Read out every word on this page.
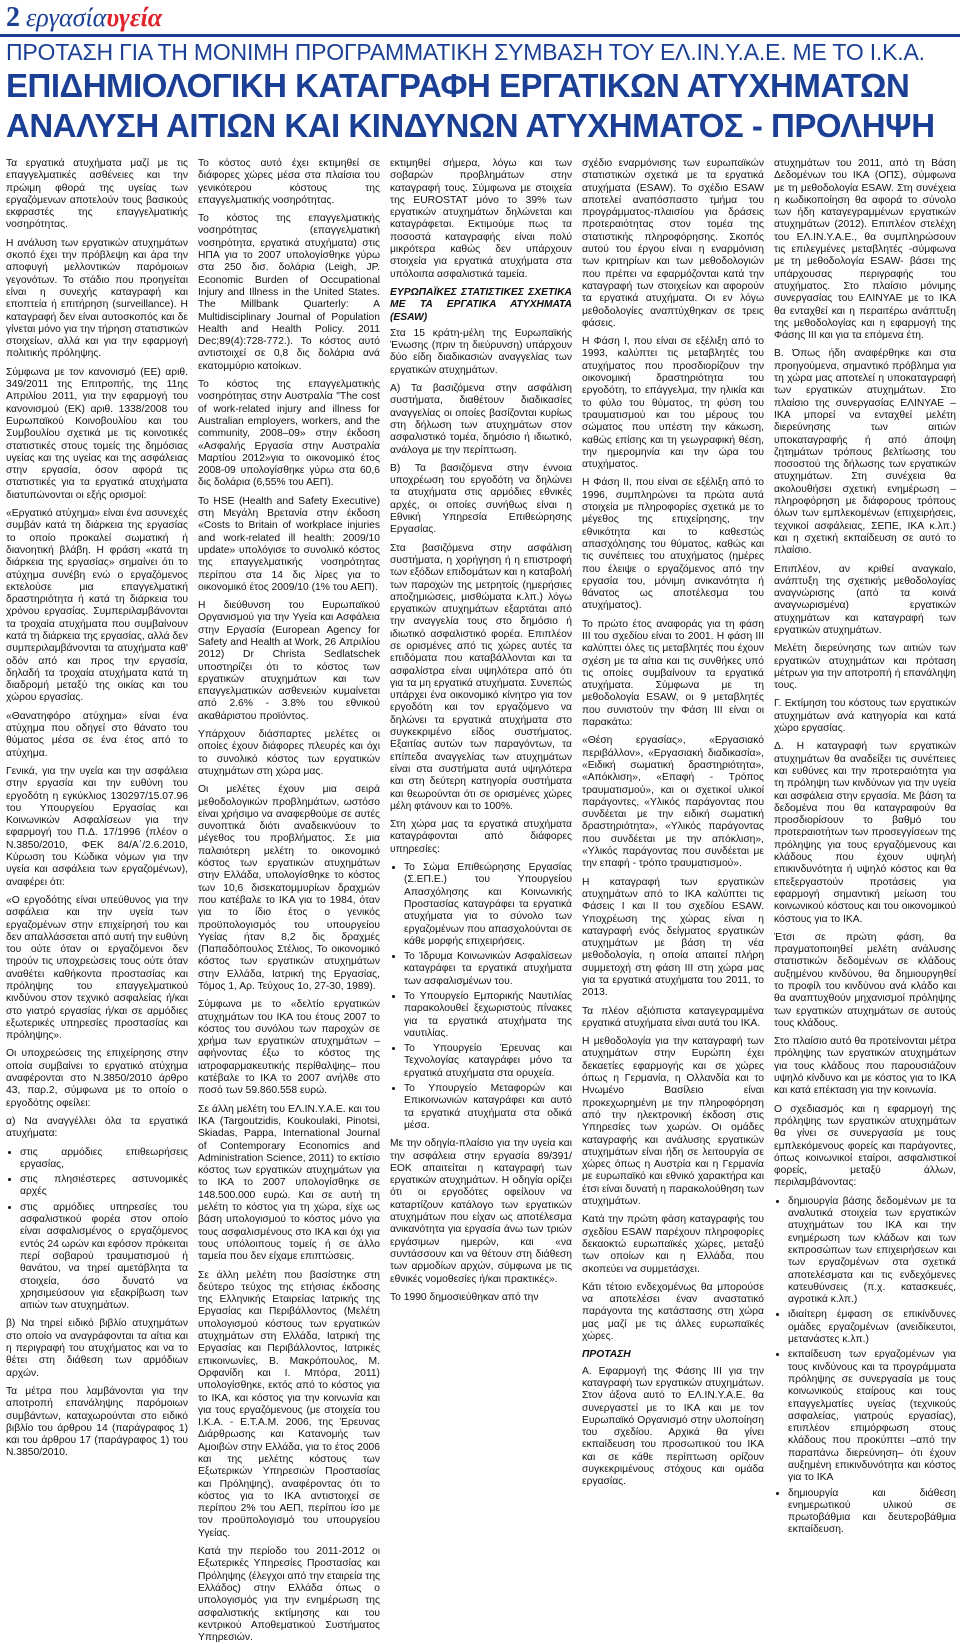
2 εργασίαυγεία
ΠΡΟΤΑΣΗ ΓΙΑ ΤΗ ΜΟΝΙΜΗ ΠΡΟΓΡΑΜΜΑΤΙΚΗ ΣΥΜΒΑΣΗ ΤΟΥ ΕΛ.ΙΝ.Υ.Α.Ε. ΜΕ ΤΟ Ι.Κ.Α.
ΕΠΙΔΗΜΙΟΛΟΓΙΚΗ ΚΑΤΑΓΡΑΦΗ ΕΡΓΑΤΙΚΩΝ ΑΤΥΧΗΜΑΤΩΝ
ΑΝΑΛΥΣΗ ΑΙΤΙΩΝ ΚΑΙ ΚΙΝΔΥΝΩΝ ΑΤΥΧΗΜΑΤΟΣ - ΠΡΟΛΗΨΗ

Τα εργατικά ατυχήματα μαζί με τις επαγγελματικές ασθένειες και την πρώιμη φθορά της υγείας των εργαζόμενων αποτελούν τους βασικούς εκφραστές της επαγγελματικής νοσηρότητας.

Η ανάλυση των εργατικών ατυχημάτων σκοπό έχει την πρόβλεψη και άρα την αποφυγή μελλοντικών παρόμοιων γεγονότων. Το στάδιο που προηγείται είναι η συνεχής καταγραφή και εποπτεία ή επιτήρηση (surveillance). Η καταγραφή δεν είναι αυτοσκοπός και δε γίνεται μόνο για την τήρηση στατιστικών στοιχείων, αλλά και για την εφαρμογή πολιτικής πρόληψης.

Σύμφωνα με τον κανονισμό (ΕΕ) αριθ. 349/2011 της Επιτροπής, της 11ης Απριλίου 2011, για την εφαρμογή του κανονισμού (ΕΚ) αριθ. 1338/2008 του Ευρωπαϊκού Κοινοβουλίου και του Συμβουλίου σχετικά με τις κοινοτικές στατιστικές στους τομείς της δημόσιας υγείας και της υγείας και της ασφάλειας στην εργασία, όσον αφορά τις στατιστικές για τα εργατικά ατυχήματα διατυπώνονται οι εξής ορισμοί:

«Εργατικό ατύχημα» είναι ένα ασυνεχές συμβάν κατά τη διάρκεια της εργασίας το οποίο προκαλεί σωματική ή διανοητική βλάβη. Η φράση «κατά τη διάρκεια της εργασίας» σημαίνει ότι το ατύχημα συνέβη ενώ ο εργαζόμενος εκτελούσε μια επαγγελματική δραστηριότητα ή κατά τη διάρκεια του χρόνου εργασίας. Συμπεριλαμβάνονται τα τροχαία ατυχήματα που συμβαίνουν κατά τη διάρκεια της εργασίας, αλλά δεν συμπεριλαμβάνονται τα ατυχήματα καθ' οδόν από και προς την εργασία, δηλαδή τα τροχαία ατυχήματα κατά τη διαδρομή μεταξύ της οικίας και του χώρου εργασίας.

«Θανατηφόρο ατύχημα» είναι ένα ατύχημα που οδηγεί στο θάνατο του θύματος μέσα σε ένα έτος από το ατύχημα.

Γενικά, για την υγεία και την ασφάλεια στην εργασία και την ευθύνη του εργοδότη η εγκύκλιος 130297/15.07.96 του Υπουργείου Εργασίας και Κοινωνικών Ασφαλίσεων για την εφαρμογή του Π.Δ. 17/1996 (πλέον ο Ν.3850/2010, ΦΕΚ 84/Α΄/2.6.2010, Κύρωση του Κώδικα νόμων για την υγεία και ασφάλεια των εργαζομένων), αναφέρει ότι:

«Ο εργοδότης είναι υπεύθυνος για την ασφάλεια και την υγεία των εργαζομένων στην επιχείρησή του και δεν απαλλάσσεται από αυτή την ευθύνη του ούτε όταν οι εργαζόμενοι δεν τηρούν τις υποχρεώσεις τους ούτε όταν αναθέτει καθήκοντα προστασίας και πρόληψης του επαγγελματικού κινδύνου στον τεχνικό ασφαλείας ή/και στο γιατρό εργασίας ή/και σε αρμόδιες εξωτερικές υπηρεσίες προστασίας και πρόληψης».

Οι υποχρεώσεις της επιχείρησης στην οποία συμβαίνει το εργατικό ατύχημα αναφέρονται στο Ν.3850/2010 άρθρο 43, παρ.2, σύμφωνα με το οποίο ο εργοδότης οφείλει:

α) Να αναγγέλλει όλα τα εργατικά ατυχήματα:

• στις αρμόδιες επιθεωρήσεις εργασίας,
• στις πλησιέστερες αστυνομικές αρχές
• στις αρμόδιες υπηρεσίες του ασφαλιστικού φορέα στον οποίο είναι ασφαλισμένος ο εργαζόμενος εντός 24 ωρών και εφόσον πρόκειται περί σοβαρού τραυματισμού ή θανάτου, να τηρεί αμετάβλητα τα στοιχεία, όσο δυνατό να χρησιμεύσουν για εξακρίβωση των αιτιών των ατυχημάτων.

β) Να τηρεί ειδικό βιβλίο ατυχημάτων στο οποίο να αναγράφονται τα αίτια και η περιγραφή του ατυχήματος και να το θέτει στη διάθεση των αρμόδιων αρχών.

Τα μέτρα που λαμβάνονται για την αποτροπή επανάληψης παρόμοιων συμβάντων, καταχωρούνται στο ειδικό βιβλίο του άρθρου 14 (παράγραφος 1) και του άρθρου 17 (παράγραφος 1) του Ν.3850/2010.

Το κόστος αυτό έχει εκτιμηθεί σε διάφορες χώρες μέσα στα πλαίσια του γενικότερου κόστους της επαγγελματικής νοσηρότητας.

Το κόστος της επαγγελματικής νοσηρότητας (επαγγελματική νοσηρότητα, εργατικά ατυχήματα) στις ΗΠΑ για το 2007 υπολογίσθηκε γύρω στα 250 δισ. δολάρια (Leigh, JP. Economic Burden of Occupational Injury and Illness in the United States. The Millbank Quarterly: A Multidisciplinary Journal of Population Health and Health Policy. 2011 Dec;89(4):728-772.). Το κόστος αυτό αντιστοιχεί σε 0,8 δις δολάρια ανά εκατομμύριο κατοίκων.

Το κόστος της επαγγελματικής νοσηρότητας στην Αυστραλία "The cost of work-related injury and illness for Australian employers, workers, and the community, 2008–09» στην έκδοση «Ασφαλής Εργασία στην Αυστραλία Μαρτίου 2012»για το οικονομικό έτος 2008-09 υπολογίσθηκε γύρω στα 60,6 δις δολάρια (6,55% του ΑΕΠ).

Το HSE (Health and Safety Executive) στη Μεγάλη Βρετανία στην έκδοση «Costs to Britain of workplace injuries and work-related ill health: 2009/10 update» υπολόγισε το συνολικό κόστος της επαγγελματικής νοσηρότητας περίπου στα 14 δις λίρες για το οικονομικό έτος 2009/10 (1% του ΑΕΠ).

Η διεύθυνση του Ευρωπαϊκού Οργανισμού για την Υγεία και Ασφάλεια στην Εργασία (European Agency for Safety and Health at Work, 26 Απριλίου 2012) Dr Christa Sedlatschek υποστηρίζει ότι το κόστος των εργατικών ατυχημάτων και των επαγγελματικών ασθενειών κυμαίνεται από 2.6% - 3.8% του εθνικού ακαθάριστου προϊόντος.

Υπάρχουν διάσπαρτες μελέτες οι οποίες έχουν διάφορες πλευρές και όχι το συνολικό κόστος των εργατικών ατυχημάτων στη χώρα μας.

Οι μελέτες έχουν μια σειρά μεθοδολογικών προβλημάτων, ωστόσο είναι χρήσιμο να αναφερθούμε σε αυτές συνοπτικά διότι αναδεικνύουν το μέγεθος του προβλήματος. Σε μια παλαιότερη μελέτη το οικονομικό κόστος των εργατικών ατυχημάτων στην Ελλάδα, υπολογίσθηκε το κόστος των 10,6 δισεκατομμυρίων δραχμών που κατέβαλε το ΙΚΑ για το 1984, όταν για το ίδιο έτος ο γενικός προϋπολογισμός του υπουργείου Υγείας ήταν 8,2 δις δραχμές (Παπαδόπουλος Στέλιος, Το οικονομικό κόστος των εργατικών ατυχημάτων στην Ελλάδα, Ιατρική της Εργασίας, Τόμος 1, Αρ. Τεύχους 1ο, 27-30, 1989).

Σύμφωνα με το «δελτίο εργατικών ατυχημάτων του ΙΚΑ του έτους 2007 το κόστος του συνόλου των παροχών σε χρήμα των εργατικών ατυχημάτων –αφήνοντας έξω το κόστος της ιατροφαρμακευτικής περίθαλψης– που κατέβαλε το ΙΚΑ το 2007 ανήλθε στο ποσό των 59.860.558 ευρώ.

Σε άλλη μελέτη του ΕΛ.ΙΝ.Υ.Α.Ε. και του ΙΚΑ (Targoutzidis, Koukoulaki, Pinotsi, Skiadas, Pappa, International Journal of Contemporary Economics and Administration Science, 2011) το εκτίσιο κόστος των εργατικών ατυχημάτων για το ΙΚΑ το 2007 υπολογίσθηκε σε 148.500.000 ευρώ. Και σε αυτή τη μελέτη το κόστος για τη χώρα, είχε ως βάση υπολογισμού το κόστος μόνο για τους ασφαλισμένους στο ΙΚΑ και όχι για τους υπόλοιπους τομείς ή σε άλλο ταμεία που δεν είχαμε επιπτώσεις.

Σε άλλη μελέτη που βασίστηκε στη δεύτερο τεύχος της ετήσιας έκδοσης της Ελληνικής Εταιρείας Ιατρικής της Εργασίας και Περιβάλλοντος (Μελέτη υπολογισμού κόστους των εργατικών ατυχημάτων στη Ελλάδα, Ιατρική της Εργασίας και Περιβάλλοντος, Ιατρικές επικοινωνίες, Β. Μακρόπουλος, Μ. Ορφανίδη και Ι. Μπόρα, 2011) υπολογίσθηκε, εκτός από το κόστος για το ΙΚΑ, και κόστος για την κοινωνία και για τους εργαζόμενους (με στοιχεία του Ι.Κ.Α. - Ε.Τ.Α.Μ. 2006, της Έρευνας Διάρθρωσης και Κατανομής των Αμοιβών στην Ελλάδα, για το έτος 2006 και της μελέτης κόστους των Εξωτερικών Υπηρεσιών Προστασίας και Πρόληψης), αναφέροντας ότι το κόστος για το ΙΚΑ αντιστοιχεί σε περίπου 2% του ΑΕΠ, περίπου ίσο με τον προϋπολογισμό του υπουργείου Υγείας.

Κατά την περίοδο του 2011-2012 οι Εξωτερικές Υπηρεσίες Προστασίας και Πρόληψης (έλεγχοι από την εταιρεία της Ελλάδος) στην Ελλάδα όπως ο υπολογισμός για την ενημέρωση της ασφαλιστικής εκτίμησης και του κεντρικού Αποθεματικού Συστήματος Υπηρεσιών.

εκτιμηθεί σήμερα, λόγω και των σοβαρών προβλημάτων στην καταγραφή τους. Σύμφωνα με στοιχεία της EUROSTAT μόνο το 39% των εργατικών ατυχημάτων δηλώνεται και καταγράφεται. Εκτιμούμε πως τα ποσοστά καταγραφής είναι πολύ μικρότερα καθώς δεν υπάρχουν στοιχεία για εργατικά ατυχήματα στα υπόλοιπα ασφαλιστικά ταμεία.

ΕΥΡΩΠΑΪΚΕΣ ΣΤΑΤΙΣΤΙΚΕΣ ΣΧΕΤΙΚΑ ΜΕ ΤΑ ΕΡΓΑΤΙΚΑ ΑΤΥΧΗΜΑΤΑ (ESAW)

Στα 15 κράτη-μέλη της Ευρωπαϊκής Ένωσης (πριν τη διεύρυνση) υπάρχουν δύο είδη διαδικασιών αναγγελίας των εργατικών ατυχημάτων.

Α) Τα βασιζόμενα στην ασφάλιση συστήματα, διαθέτουν διαδικασίες αναγγελίας οι οποίες βασίζονται κυρίως στη δήλωση των ατυχημάτων στον ασφαλιστικό τομέα, δημόσιο ή ιδιωτικό, ανάλογα με την περίπτωση.

Β) Τα βασιζόμενα στην έννοια υποχρέωση του εργοδότη να δηλώνει τα ατυχήματα στις αρμόδιες εθνικές αρχές, οι οποίες συνήθως είναι η Εθνική Υπηρεσία Επιθεώρησης Εργασίας.

Στα βασιζόμενα στην ασφάλιση συστήματα, η χορήγηση ή η επιστροφή των εξόδων επιδομάτων και η καταβολή των παροχών της μετρητοίς (ημερήσιες αποζημιώσεις, μισθώματα κ.λπ.) λόγω εργατικών ατυχημάτων εξαρτάται από την αναγγελία τους στο δημόσιο ή ιδιωτικό ασφαλιστικό φορέα. Επιπλέον σε ορισμένες από τις χώρες αυτές τα επιδόματα που καταβάλλονται και τα ασφαλίστρα είναι υψηλότερα από ότι για τα μη εργατικά ατυχήματα. Συνεπώς υπάρχει ένα οικονομικό κίνητρο για τον εργοδότη και τον εργαζόμενο να δηλώνει τα εργατικά ατυχήματα στο συγκεκριμένο είδος συστήματος. Εξαιτίας αυτών των παραγόντων, τα επίπεδα αναγγελίας των ατυχημάτων είναι στα συστήματα αυτά υψηλότερα και στη δεύτερη κατηγορία συστήματα και θεωρούνται ότι σε ορισμένες χώρες μέλη φτάνουν και το 100%.

Στη χώρα μας τα εργατικά ατυχήματα καταγράφονται από διάφορες υπηρεσίες:

• Το Σώμα Επιθεώρησης Εργασίας (Σ.ΕΠ.Ε.) του Υπουργείου Απασχόλησης και Κοινωνικής Προστασίας καταγράφει τα εργατικά ατυχήματα για το σύνολο των εργαζομένων που απασχολούνται σε κάθε μορφής επιχειρήσεις.
• Το Ίδρυμα Κοινωνικών Ασφαλίσεων καταγράφει τα εργατικά ατυχήματα των ασφαλισμένων του.
• Το Υπουργείο Εμπορικής Ναυτιλίας παρακολουθεί ξεχωριστούς πίνακες για τα εργατικά ατυχήματα της ναυτιλίας.
• Το Υπουργείο Έρευνας και Τεχνολογίας καταγράφει μόνο τα εργατικά ατυχήματα στα ορυχεία.
• Το Υπουργείο Μεταφορών και Επικοινωνιών καταγράφει και αυτό τα εργατικά ατυχήματα στα οδικά μέσα.

Με την οδηγία-πλαίσιο για την υγεία και την ασφάλεια στην εργασία 89/391/ΕΟΚ απαιτείται η καταγραφή των εργατικών ατυχημάτων. Η οδηγία ορίζει ότι οι εργοδότες οφείλουν να καταρτίζουν κατάλογο των εργατικών ατυχημάτων που είχαν ως αποτέλεσμα ανικανότητα για εργασία άνω των τριών εργάσιμων ημερών, και «να συντάσσουν και να θέτουν στη διάθεση των αρμοδίων αρχών, σύμφωνα με τις εθνικές νομοθεσίες ή/και πρακτικές».

Το 1990 δημοσιεύθηκαν από την

σχέδιο εναρμόνισης των ευρωπαϊκών στατιστικών σχετικά με τα εργατικά ατυχήματα (ESAW). Το σχέδιο ESAW αποτελεί αναπόσπαστο τμήμα του προγράμματος-πλαισίου για δράσεις προτεραιότητας στον τομέα της στατιστικής πληροφόρησης. Σκοπός αυτού του έργου είναι η εναρμόνιση των κριτηρίων και των μεθοδολογιών που πρέπει να εφαρμόζονται κατά την καταγραφή των στοιχείων και αφορούν τα εργατικά ατυχήματα. Οι εν λόγω μεθοδολογίες αναπτύχθηκαν σε τρεις φάσεις.

Η Φάση Ι, που είναι σε εξέλιξη από το 1993, καλύπτει τις μεταβλητές του ατυχήματος που προσδιορίζουν την οικονομική δραστηριότητα του εργοδότη, το επάγγελμα, την ηλικία και το φύλο του θύματος, τη φύση του τραυματισμού και του μέρους του σώματος που υπέστη την κάκωση, καθώς επίσης και τη γεωγραφική θέση, την ημερομηνία και την ώρα του ατυχήματος.

Η Φάση ΙΙ, που είναι σε εξέλιξη από το 1996, συμπληρώνει τα πρώτα αυτά στοιχεία με πληροφορίες σχετικά με το μέγεθος της επιχείρησης, την εθνικότητα και το καθεστώς απασχόλησης του θύματος, καθώς και τις συνέπειες του ατυχήματος (ημέρες που έλειψε ο εργαζόμενος από την εργασία του, μόνιμη ανικανότητα ή θάνατος ως αποτέλεσμα του ατυχήματος).

Το πρώτο έτος αναφοράς για τη φάση ΙΙΙ του σχεδίου είναι το 2001. Η φάση ΙΙΙ καλύπτει όλες τις μεταβλητές που έχουν σχέση με τα αίτια και τις συνθήκες υπό τις οποίες συμβαίνουν τα εργατικά ατυχήματα. Σύμφωνα με τη μεθοδολογία ESAW, οι 9 μεταβλητές που συνιστούν την Φάση ΙΙΙ είναι οι παρακάτω:

«Θέση εργασίας», «Εργασιακό περιβάλλον», «Εργασιακή διαδικασία», «Ειδική σωματική δραστηριότητα», «Απόκλιση», «Επαφή - Τρόπος τραυματισμού», και οι σχετικοί υλικοί παράγοντες, «Υλικός παράγοντας που συνδέεται με την ειδική σωματική δραστηριότητα», «Υλικός παράγοντας που συνδέεται με την απόκλιση», «Υλικός παράγοντας που συνδέεται με την επαφή - τρόπο τραυματισμού».

Η καταγραφή των εργατικών ατυχημάτων από το ΙΚΑ καλύπτει τις Φάσεις Ι και ΙΙ του σχεδίου ESAW. Υποχρέωση της χώρας είναι η καταγραφή ενός δείγματος εργατικών ατυχημάτων με βάση τη νέα μεθοδολογία, η οποία απαιτεί πλήρη συμμετοχή στη φάση ΙΙΙ στη χώρα μας για τα εργατικά ατυχήματα του 2011, το 2013.

Τα πλέον αξιόπιστα καταγεγραμμένα εργατικά ατυχήματα είναι αυτά του ΙΚΑ.

Η μεθοδολογία για την καταγραφή των ατυχημάτων στην Ευρώπη έχει δεκαετίες εφαρμογής και σε χώρες όπως η Γερμανία, η Ολλανδία και το Ηνωμένο Βασίλειο είναι προκεχωρημένη με την πληροφόρηση από την ηλεκτρονική έκδοση στις Υπηρεσίες των χωρών. Οι ομάδες καταγραφής και ανάλυσης εργατικών ατυχημάτων είναι ήδη σε λειτουργία σε χώρες όπως η Αυστρία και η Γερμανία με ευρωπαϊκό και εθνικό χαρακτήρα και έτσι είναι δυνατή η παρακολούθηση των ατυχημάτων.

Κατά την πρώτη φάση καταγραφής του σχεδίου ESAW παρέχουν πληροφορίες δεκαοκτώ ευρωπαϊκές χώρες, μεταξύ των οποίων και η Ελλάδα, που σκοπεύει να συμμετάσχει.

Κάτι τέτοιο ενδεχομένως θα μπορούσε να αποτελέσει έναν αναστατικό παράγοντα της κατάστασης στη χώρα μας μαζί με τις άλλες ευρωπαϊκές χώρες.

ΠΡΟΤΑΣΗ

Α. Εφαρμογή της Φάσης ΙΙΙ για την καταγραφή των εργατικών ατυχημάτων. Στον άξονα αυτό το ΕΛ.ΙΝ.Υ.Α.Ε. θα συνεργαστεί με το ΙΚΑ και με τον Ευρωπαϊκό Οργανισμό στην υλοποίηση του σχεδίου. Αρχικά θα γίνει εκπαίδευση του προσωπικού του ΙΚΑ και σε κάθε περίπτωση ορίζουν συγκεκριμένους στόχους και ομάδα εργασίας.

ατυχημάτων του 2011, από τη Βάση Δεδομένων του ΙΚΑ (ΟΠΣ), σύμφωνα με τη μεθοδολογία ESAW. Στη συνέχεια η κωδικοποίηση θα αφορά το σύνολο των ήδη καταγεγραμμένων εργατικών ατυχημάτων (2012). Επιπλέον στελέχη του ΕΛ.ΙΝ.Υ.Α.Ε., θα συμπληρώσουν τις επιλεγμένες μεταβλητές -σύμφωνα με τη μεθοδολογία ESAW- βάσει της υπάρχουσας περιγραφής του ατυχήματος. Στο πλαίσιο μόνιμης συνεργασίας του ΕΛΙΝΥΑΕ με το ΙΚΑ θα ενταχθεί και η περαιτέρω ανάπτυξη της μεθοδολογίας και η εφαρμογή της Φάσης ΙΙΙ και για τα επόμενα έτη.

Β. Όπως ήδη αναφέρθηκε και στα προηγούμενα, σημαντικό πρόβλημα για τη χώρα μας αποτελεί η υποκαταγραφή των εργατικών ατυχημάτων. Στο πλαίσιο της συνεργασίας ΕΛΙΝΥΑΕ – ΙΚΑ μπορεί να ενταχθεί μελέτη διερεύνησης των αιτιών υποκαταγραφής ή από άποψη ζητημάτων τρόπους βελτίωσης του ποσοστού της δήλωσης των εργατικών ατυχημάτων. Στη συνέχεια θα ακολουθήσει σχετική ενημέρωση – πληροφόρηση με διάφορους τρόπους όλων των εμπλεκομένων (επιχειρήσεις, τεχνικοί ασφάλειας, ΣΕΠΕ, ΙΚΑ κ.λπ.) και η σχετική εκπαίδευση σε αυτό το πλαίσιο.

Επιπλέον, αν κριθεί αναγκαίο, ανάπτυξη της σχετικής μεθοδολογίας αναγνώρισης (από τα κοινά αναγνωρισμένα) εργατικών ατυχημάτων και καταγραφή των εργατικών ατυχημάτων.

Μελέτη διερεύνησης των αιτιών των εργατικών ατυχημάτων και πρόταση μέτρων για την αποτροπή ή επανάληψη τους.

Γ. Εκτίμηση του κόστους των εργατικών ατυχημάτων ανά κατηγορία και κατά χώρο εργασίας.

Δ. Η καταγραφή των εργατικών ατυχημάτων θα αναδείξει τις συνέπειες και ευθύνες και την προτεραιότητα για τη πρόληψη των κινδύνων για την υγεία και ασφάλεια στην εργασία. Με βάση τα δεδομένα που θα καταγραφούν θα προσδιορίσουν το βαθμό του προτεραιοτήτων των προσεγγίσεων της πρόληψης για τους εργαζόμενους και κλάδους που έχουν υψηλή επικινδυνότητα ή υψηλό κόστος και θα επεξεργαστούν προτάσεις για εφαρμογή σημαντική μείωση του κοινωνικού κόστους και του οικονομικού κόστους για το ΙΚΑ.

Έτσι σε πρώτη φάση, θα πραγματοποιηθεί μελέτη ανάλυσης στατιστικών δεδομένων σε κλάδους αυξημένου κινδύνου, θα δημιουργηθεί το προφίλ του κινδύνου ανά κλάδο και θα αναπτυχθούν μηχανισμοί πρόληψης των εργατικών ατυχημάτων σε αυτούς τους κλάδους.

Στο πλαίσιο αυτό θα προτείνονται μέτρα πρόληψης των εργατικών ατυχημάτων για τους κλάδους που παρουσιάζουν υψηλό κίνδυνο και με κόστος για το ΙΚΑ και κατά επέκταση για την κοινωνία.

Ο σχεδιασμός και η εφαρμογή της πρόληψης των εργατικών ατυχημάτων θα γίνει σε συνεργασία με τους εμπλεκόμενους φορείς και παράγοντες, όπως κοινωνικοί εταίροι, ασφαλιστικοί φορείς, μεταξύ άλλων, περιλαμβάνοντας:

• δημιουργία βάσης δεδομένων με τα αναλυτικά στοιχεία των εργατικών ατυχημάτων του ΙΚΑ και την ενημέρωση των κλάδων και των εκπροσώπων των επιχειρήσεων και των εργαζομένων στα σχετικά αποτελέσματα και τις ενδεχόμενες κατευθύνσεις (π.χ. κατασκευές, αγροτικά κ.λπ.)
• ιδιαίτερη έμφαση σε επικίνδυνες ομάδες εργαζομένων (ανειδίκευτοι, μετανάστες κ.λπ.)
• εκπαίδευση των εργαζομένων για τους κινδύνους και τα προγράμματα πρόληψης σε συνεργασία με τους κοινωνικούς εταίρους και τους επαγγελματίες υγείας (τεχνικούς ασφαλείας, γιατρούς εργασίας), επιπλέον επιμόρφωση στους κλάδους που προκύπτει –από την παραπάνω διερεύνηση– ότι έχουν αυξημένη επικινδυνότητα και κόστος για το ΙΚΑ
• δημιουργία και διάθεση ενημερωτικού υλικού σε πρωτοβάθμια και δευτεροβάθμια εκπαίδευση.
